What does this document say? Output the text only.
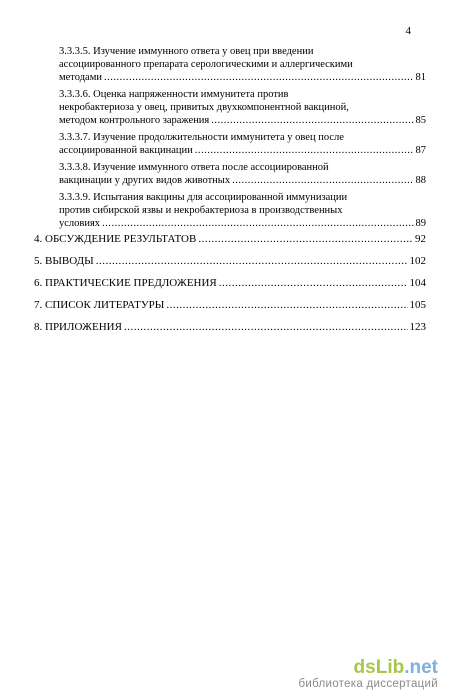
4
3.3.3.5. Изучение иммунного ответа у овец при введении
ассоциированного препарата серологическими и аллергическими
методами .....	81
3.3.3.6. Оценка напряженности иммунитета против
некробактериоза у овец, привитых двухкомпонентной вакциной,
методом контрольного заражения .....	85
3.3.3.7. Изучение продолжительности иммунитета у овец после
ассоциированной вакцинации .....	87
3.3.3.8. Изучение иммунного ответа после ассоциированной
вакцинации у других видов животных .....	88
3.3.3.9. Испытания вакцины для ассоциированной иммунизации
против сибирской язвы и некробактериоза в производственных
условиях .....	89
4. ОБСУЖДЕНИЕ РЕЗУЛЬТАТОВ .....	92
5. ВЫВОДЫ .....	102
6. ПРАКТИЧЕСКИЕ ПРЕДЛОЖЕНИЯ .....	104
7. СПИСОК ЛИТЕРАТУРЫ .....	105
8. ПРИЛОЖЕНИЯ .....	123
dsLib.net
библиотека диссертаций
